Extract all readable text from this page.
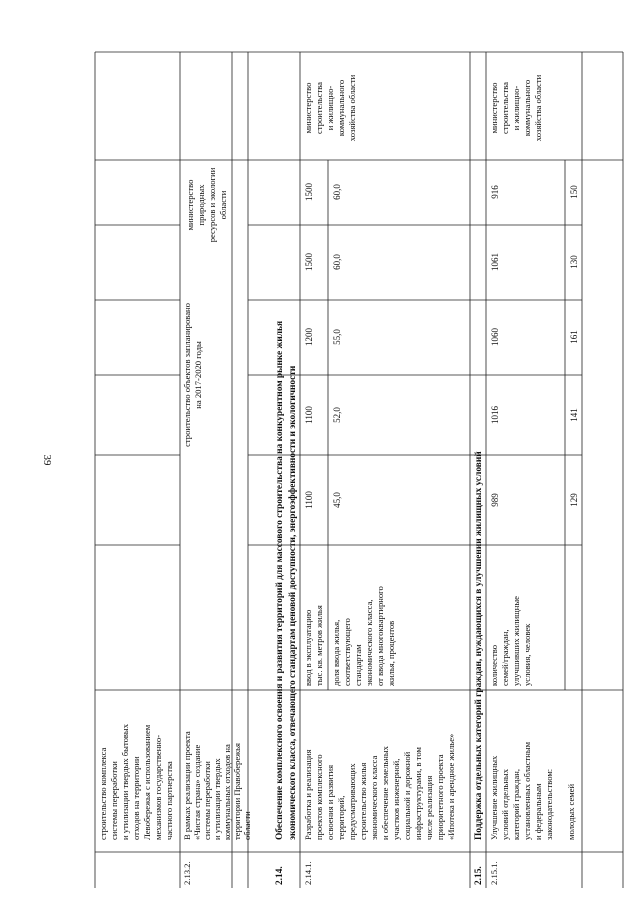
39
строительство комплекса системы переработки и утилизации твердых бытовых отходов на территории Левобережья с использованием механизмов государственно- частного партнерства
министерство природных ресурсов и экологии области
2.13.2.
В рамках реализации проекта «Чистая страна» создание системы переработки и утилизации твердых коммунальных отходов на территории Правобережья области
строительство объектов запланировано на 2017-2020 годы
2.14.
Обеспечение комплексного освоения и развития территорий для массового строительства на конкурентном рынке жилья экономического класса, отвечающего стандартам ценовой доступности, энергоэффективности и экологичности
2.14.1.
Разработка и реализация проектов комплексного освоения и развития территорий, предусматривающих строительство жилья экономического класса и обеспечение земельных участков инженерной, социальной и дорожной инфраструктурами, в том числе реализация приоритетного проекта «Ипотека и арендное жилье»
ввод в эксплуатацию тыс. кв. метров жилья
1100
1100
1200
1500
1500
доля ввода жилья, соответствующего стандартам экономического класса, от ввода многоквартирного жилья, процентов
45,0
52,0
55,0
60,0
60,0
министерство строительства и жилищно- коммунального хозяйства области
2.15.
Поддержка отдельных категорий граждан, нуждающихся в улучшении жилищных условий
2.15.1.
Улучшение жилищных условий отдельных категорий граждан, установленных областным и федеральным законодательством: молодых семей
количество семей/граждан, улучшивших жилищные условия, человек
989
1016
1060
1061
916
129
141
161
130
150
министерство строительства и жилищно- коммунального хозяйства области
